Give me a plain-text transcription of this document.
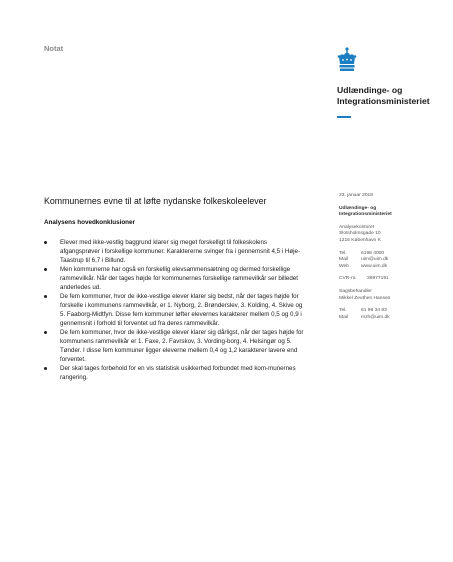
Notat
Udlændinge- og
Integrationsministeriet
Kommunernes evne til at løfte nydanske folkeskoleelever
Analysens hovedkonklusioner
Elever med ikke-vestlig baggrund klarer sig meget forskelligt til folkeskolens afgangsprøver i forskellige kommuner. Karaktererne svinger fra i gennemsnit 4,5 i Høje-Taastrup til 6,7 i Billund.
Men kommunerne har også en forskellig elevsammensætning og dermed forskellige rammevilkår. Når der tages højde for kommunernes forskellige rammevilkår ser billedet anderledes ud.
De fem kommuner, hvor de ikke-vestlige elever klarer sig bedst, når der tages højde for forskelle i kommunens rammevilkår, er 1. Nyborg, 2. Brønderslev, 3. Kolding, 4. Skive og 5. Faaborg-Midtfyn. Disse fem kommuner løfter elevernes karakterer mellem 0,5 og 0,9 i gennemsnit i forhold til forventet ud fra deres rammevilkår.
De fem kommuner, hvor de ikke-vestlige elever klarer sig dårligst, når der tages højde for kommunens rammevilkår er 1. Faxe, 2. Favrskov, 3. Vording-borg, 4. Helsingør og 5. Tønder. I disse fem kommuner ligger eleverne mellem 0,4 og 1,2 karakterer lavere end forventet.
Der skal tages forbehold for en vis statistisk usikkerhed forbundet med kom-munernes rangering.
23. januar 2018
Udlændinge- og
Integrationsministeriet
Analysekontoret
Slotsholmsgade 10
1216 København K
Tel.	6198 4000
Mail	uim@uim.dk
Web	www.uim.dk
CVR-nr.	36977191
Sagsbehandler
Mikkel Zeuthen Hansen
Tel.	61 98 34 83
Mail	mzh@uim.dk
